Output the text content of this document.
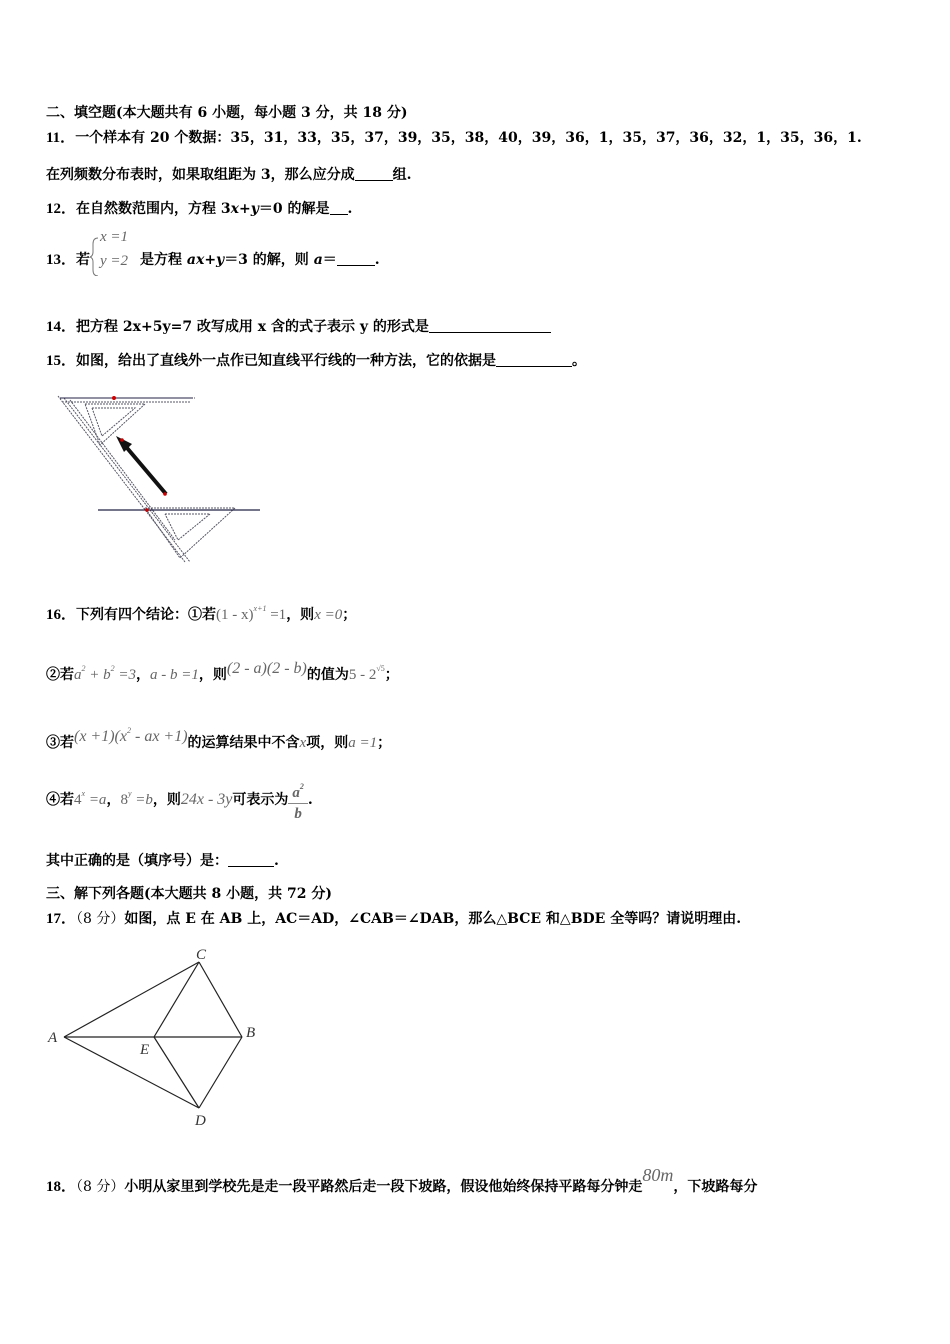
二、填空题(本大题共有 6 小题，每小题 3 分，共 18 分)
11．一个样本有 20 个数据：35，31，33，35，37，39，35，38，40，39，36，1，35，37，36，32，1，35，36，1.
在列频数分布表时，如果取组距为 3，那么应分成	组.
12．在自然数范围内，方程 3x+y＝0 的解是 .
13．若
x =1
y =2 是方程 ax+y＝3 的解，则 a＝	.
14．把方程 2x+5y=7 改写成用 x 含的式子表示 y 的形式是
15．如图，给出了直线外一点作已知直线平行线的一种方法，它的依据是	。
16．下列有四个结论：①若(1 - x)$^{x+1}$ =1，则x =0；
②若$a^2 + b^2 =3$，a - b =1，则(2 - a)(2 - b)的值为$5 - 2^{√5}$；
③若$(x +1)(x^2$ - ax +1)的运算结果中不含x项，则a =1；
④若$4^x =a$，$8^y =b$，则24x - 3y可表示为 $\frac{a^2}{b}$ .
其中正确的是（填序号）是：	.
三、解下列各题(本大题共 8 小题，共 72 分)
17．（8 分）如图，点 E 在 AB 上，AC＝AD，∠CAB＝∠DAB，那么△BCE 和△BDE 全等吗？请说明理由.
C
A
E
B
D
18．（8 分）小明从家里到学校先是走一段平路然后走一段下坡路，假设他始终保持平路每分钟走80m，下坡路每分
